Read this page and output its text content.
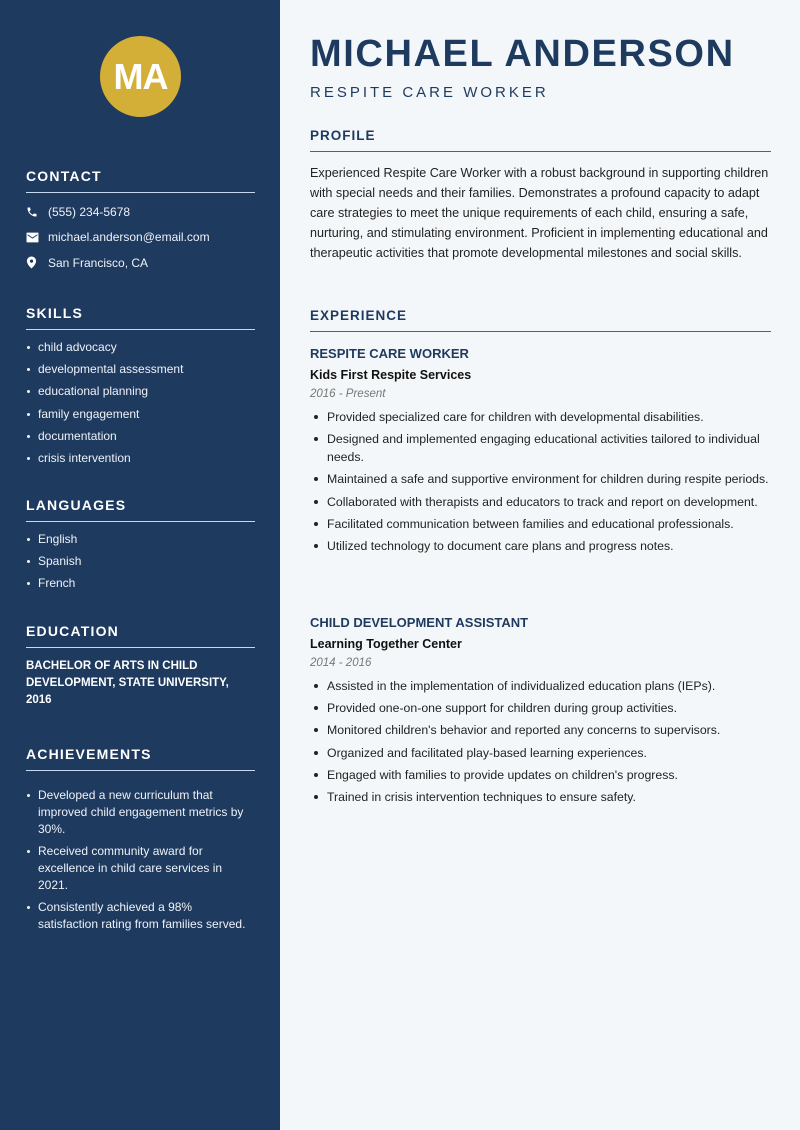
MA
CONTACT
(555) 234-5678
michael.anderson@email.com
San Francisco, CA
SKILLS
child advocacy
developmental assessment
educational planning
family engagement
documentation
crisis intervention
LANGUAGES
English
Spanish
French
EDUCATION

BACHELOR OF ARTS IN CHILD DEVELOPMENT, STATE UNIVERSITY, 2016

ACHIEVEMENTS
Developed a new curriculum that improved child engagement metrics by 30%.
Received community award for excellence in child care services in 2021.
Consistently achieved a 98% satisfaction rating from families served.
MICHAEL ANDERSON
RESPITE CARE WORKER
PROFILE

Experienced Respite Care Worker with a robust background in supporting children with special needs and their families. Demonstrates a profound capacity to adapt care strategies to meet the unique requirements of each child, ensuring a safe, nurturing, and stimulating environment. Proficient in implementing educational and therapeutic activities that promote developmental milestones and social skills.

EXPERIENCE
RESPITE CARE WORKER
Kids First Respite Services
2016 - Present
Provided specialized care for children with developmental disabilities.
Designed and implemented engaging educational activities tailored to individual needs.
Maintained a safe and supportive environment for children during respite periods.
Collaborated with therapists and educators to track and report on development.
Facilitated communication between families and educational professionals.
Utilized technology to document care plans and progress notes.
CHILD DEVELOPMENT ASSISTANT
Learning Together Center
2014 - 2016
Assisted in the implementation of individualized education plans (IEPs).
Provided one-on-one support for children during group activities.
Monitored children's behavior and reported any concerns to supervisors.
Organized and facilitated play-based learning experiences.
Engaged with families to provide updates on children's progress.
Trained in crisis intervention techniques to ensure safety.
